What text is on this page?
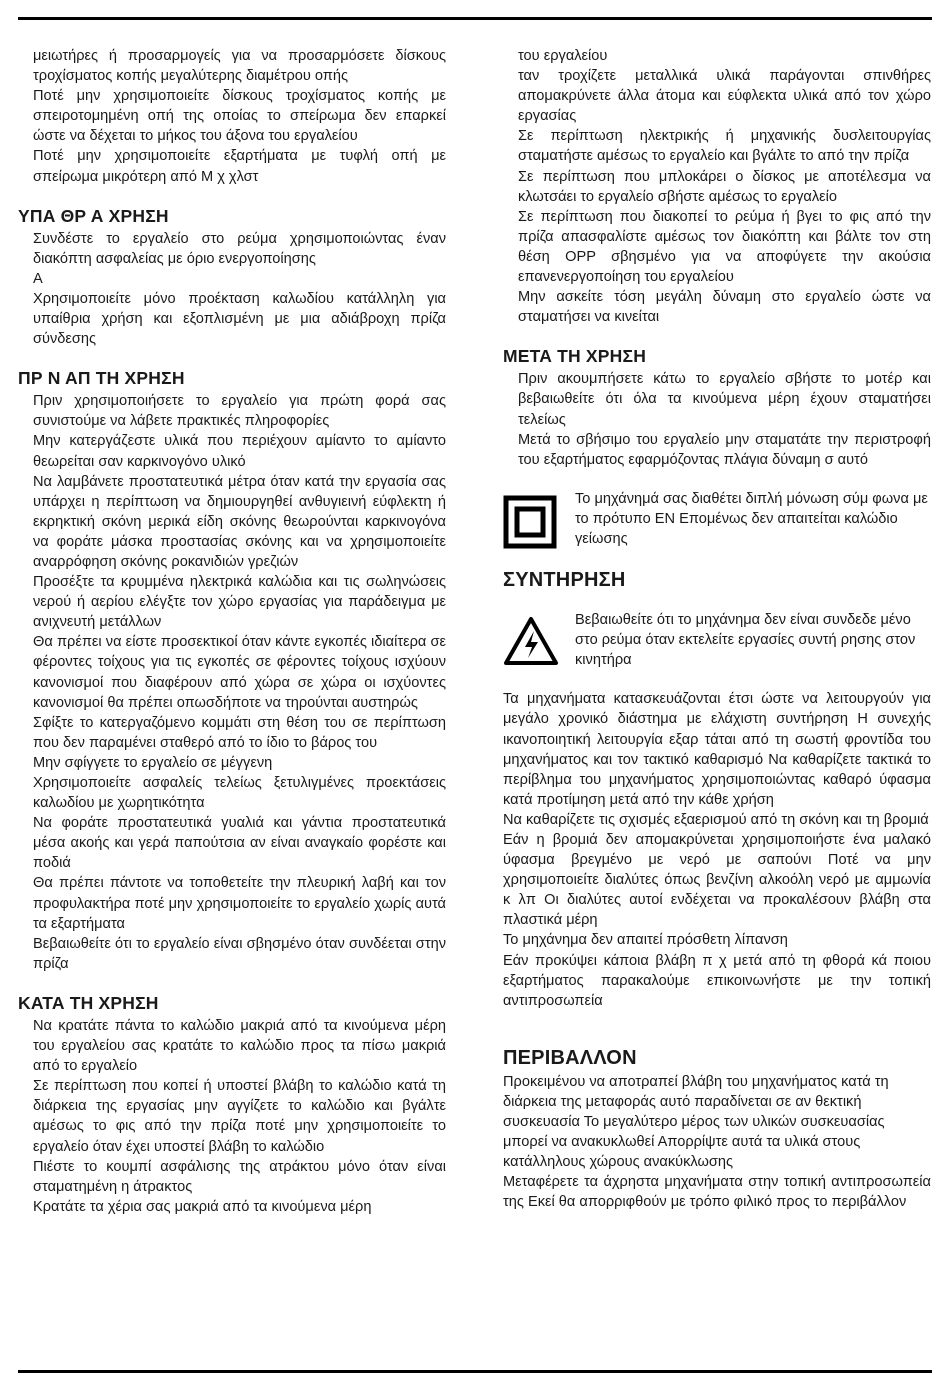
μειωτήρες ή προσαρμογείς για να προσαρμόσετε δίσκους τροχίσματος κοπής μεγαλύτερης διαμέτρου οπής

Ποτέ μην χρησιμοποιείτε δίσκους τροχίσματος κοπής με σπειροτομημένη οπή της οποίας το σπείρωμα δεν επαρκεί ώστε να δέχεται το μήκος του άξονα του εργαλείου

Ποτέ μην χρησιμοποιείτε εξαρτήματα με τυφλή οπή με σπείρωμα μικρότερη από M χ χλστ

ΥΠΑ ΘΡ Α ΧΡΗΣΗ

Συνδέστε το εργαλείο στο ρεύμα χρησιμοποιώντας έναν διακόπτη ασφαλείας με όριο ενεργοποίησης

A

Χρησιμοποιείτε μόνο προέκταση καλωδίου κατάλληλη για υπαίθρια χρήση και εξοπλισμένη με μια αδιάβροχη πρίζα σύνδεσης

ΠΡ Ν ΑΠ ΤΗ ΧΡΗΣΗ

Πριν χρησιμοποιήσετε το εργαλείο για πρώτη φορά σας συνιστούμε να λάβετε πρακτικές πληροφορίες

Μην κατεργάζεστε υλικά που περιέχουν αμίαντο το αμίαντο θεωρείται σαν καρκινογόνο υλικό

Να λαμβάνετε προστατευτικά μέτρα όταν κατά την εργασία σας υπάρχει η περίπτωση να δημιουργηθεί ανθυγιεινή εύφλεκτη ή εκρηκτική σκόνη μερικά είδη σκόνης θεωρούνται καρκινογόνα να φοράτε μάσκα προστασίας σκόνης και να χρησιμοποιείτε αναρρόφηση σκόνης ροκανιδιών γρεζιών

Προσέξτε τα κρυμμένα ηλεκτρικά καλώδια και τις σωληνώσεις νερού ή αερίου ελέγξτε τον χώρο εργασίας για παράδειγμα με ανιχνευτή μετάλλων

Θα πρέπει να είστε προσεκτικοί όταν κάντε εγκοπές ιδιαίτερα σε φέροντες τοίχους για τις εγκοπές σε φέροντες τοίχους ισχύουν κανονισμοί που διαφέρουν από χώρα σε χώρα οι ισχύοντες κανονισμοί θα πρέπει οπωσδήποτε να τηρούνται αυστηρώς

Σφίξτε το κατεργαζόμενο κομμάτι στη θέση του σε περίπτωση που δεν παραμένει σταθερό από το ίδιο το βάρος του

Μην σφίγγετε το εργαλείο σε μέγγενη

Χρησιμοποιείτε ασφαλείς τελείως ξετυλιγμένες προεκτάσεις καλωδίου με χωρητικότητα

Να φοράτε προστατευτικά γυαλιά και γάντια προστατευτικά μέσα ακοής και γερά παπούτσια αν είναι αναγκαίο φορέστε και ποδιά

Θα πρέπει πάντοτε να τοποθετείτε την πλευρική λαβή και τον προφυλακτήρα ποτέ μην χρησιμοποιείτε το εργαλείο χωρίς αυτά τα εξαρτήματα

Βεβαιωθείτε ότι το εργαλείο είναι σβησμένο όταν συνδέεται στην πρίζα

ΚΑΤΑ ΤΗ ΧΡΗΣΗ

Να κρατάτε πάντα το καλώδιο μακριά από τα κινούμενα μέρη του εργαλείου σας κρατάτε το καλώδιο προς τα πίσω μακριά από το εργαλείο

Σε περίπτωση που κοπεί ή υποστεί βλάβη το καλώδιο κατά τη διάρκεια της εργασίας μην αγγίζετε το καλώδιο και βγάλτε αμέσως το φις από την πρίζα ποτέ μην χρησιμοποιείτε το εργαλείο όταν έχει υποστεί βλάβη το καλώδιο

Πιέστε το κουμπί ασφάλισης της ατράκτου μόνο όταν είναι σταματημένη η άτρακτος

Κρατάτε τα χέρια σας μακριά από τα κινούμενα μέρη

του εργαλείου

ταν τροχίζετε μεταλλικά υλικά παράγονται σπινθήρες απομακρύνετε άλλα άτομα και εύφλεκτα υλικά από τον χώρο εργασίας

Σε περίπτωση ηλεκτρικής ή μηχανικής δυσλειτουργίας σταματήστε αμέσως το εργαλείο και βγάλτε το από την πρίζα

Σε περίπτωση που μπλοκάρει ο δίσκος με αποτέλεσμα να κλωτσάει το εργαλείο σβήστε αμέσως το εργαλείο

Σε περίπτωση που διακοπεί το ρεύμα ή βγει το φις από την πρίζα απασφαλίστε αμέσως τον διακόπτη και βάλτε τον στη θέση OPP σβησμένο για να αποφύγετε την ακούσια επανενεργοποίηση του εργαλείου

Μην ασκείτε τόση μεγάλη δύναμη στο εργαλείο ώστε να σταματήσει να κινείται

ΜΕΤΑ ΤΗ ΧΡΗΣΗ

Πριν ακουμπήσετε κάτω το εργαλείο σβήστε το μοτέρ και βεβαιωθείτε ότι όλα τα κινούμενα μέρη έχουν σταματήσει τελείως

Μετά το σβήσιμο του εργαλείο μην σταματάτε την περιστροφή του εξαρτήματος εφαρμόζοντας πλάγια δύναμη σ αυτό

Το μηχάνημά σας διαθέτει διπλή μόνωση σύμ φωνα με το πρότυπο EN Επομένως δεν απαιτείται καλώδιο γείωσης

ΣΥΝΤΗΡΗΣΗ

Βεβαιωθείτε ότι το μηχάνημα δεν είναι συνδεδε μένο στο ρεύμα όταν εκτελείτε εργασίες συντή ρησης στον κινητήρα

Τα μηχανήματα κατασκευάζονται έτσι ώστε να λειτουργούν για μεγάλο χρονικό διάστημα με ελάχιστη συντήρηση Η συνεχής ικανοποιητική λειτουργία εξαρ τάται από τη σωστή φροντίδα του μηχανήματος και τον τακτικό καθαρισμό Να καθαρίζετε τακτικά το περίβλημα του μηχανήματος χρησιμοποιώντας καθαρό ύφασμα κατά προτίμηση μετά από την κάθε χρήση

Να καθαρίζετε τις σχισμές εξαερισμού από τη σκόνη και τη βρομιά

Εάν η βρομιά δεν απομακρύνεται χρησιμοποιήστε ένα μαλακό ύφασμα βρεγμένο με νερό με σαπούνι Ποτέ να μην χρησιμοποιείτε διαλύτες όπως βενζίνη αλκοόλη νερό με αμμωνία κ λπ Οι διαλύτες αυτοί ενδέχεται να προκαλέσουν βλάβη στα πλαστικά μέρη

Το μηχάνημα δεν απαιτεί πρόσθετη λίπανση

Εάν προκύψει κάποια βλάβη π χ μετά από τη φθορά κά ποιου εξαρτήματος παρακαλούμε επικοινωνήστε με την τοπική αντιπροσωπεία

ΠΕΡΙΒΑΛΛΟΝ

Προκειμένου να αποτραπεί βλάβη του μηχανήματος κατά τη διάρκεια της μεταφοράς αυτό παραδίνεται σε αν θεκτική συσκευασία Το μεγαλύτερο μέρος των υλικών συσκευασίας μπορεί να ανακυκλωθεί Απορρίψτε αυτά τα υλικά στους κατάλληλους χώρους ανακύκλωσης

Μεταφέρετε τα άχρηστα μηχανήματα στην τοπική αντιπροσωπεία της Εκεί θα απορριφθούν με τρόπο φιλικό προς το περιβάλλον
